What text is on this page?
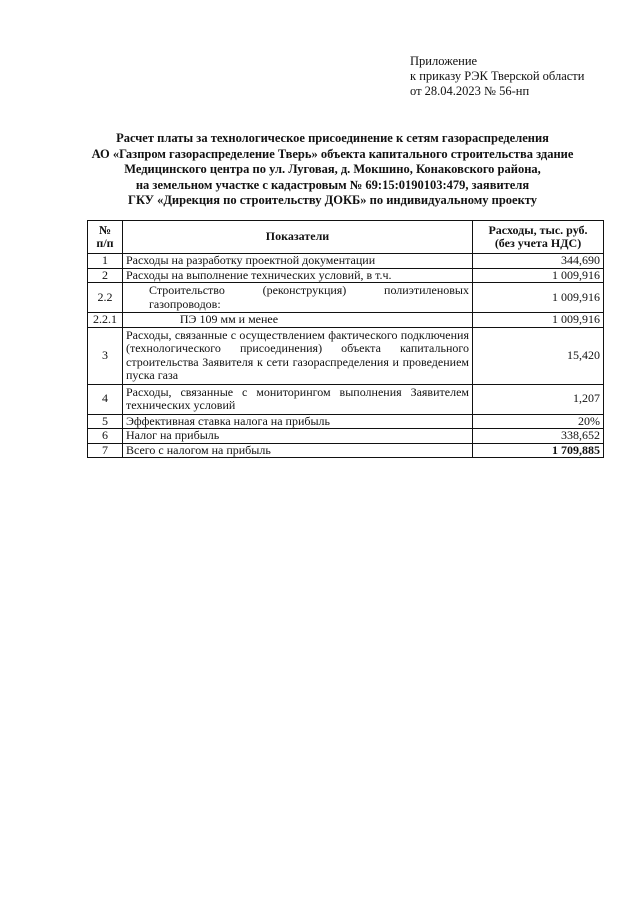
Приложение
к приказу РЭК Тверской области
от 28.04.2023 № 56-нп
Расчет платы за технологическое присоединение к сетям газораспределения
АО «Газпром газораспределение Тверь» объекта капитального строительства здание
Медицинского центра по ул. Луговая, д. Мокшино, Конаковского района,
на земельном участке с кадастровым № 69:15:0190103:479, заявителя
ГКУ «Дирекция по строительству ДОКБ» по индивидуальному проекту
№
п/п	Показатели	Расходы, тыс. руб.
(без учета НДС)
1	Расходы на разработку проектной документации	344,690
2	Расходы на выполнение технических условий, в т.ч.	1 009,916
2.2	Строительство (реконструкция) полиэтиленовых газопроводов:	1 009,916
2.2.1	ПЭ 109 мм и менее	1 009,916
3	Расходы, связанные с осуществлением фактического подключения (технологического присоединения) объекта капитального строительства Заявителя к сети газораспределения и проведением пуска газа	15,420
4	Расходы, связанные с мониторингом выполнения Заявителем технических условий	1,207
5	Эффективная ставка налога на прибыль	20%
6	Налог на прибыль	338,652
7	Всего с налогом на прибыль	1 709,885
